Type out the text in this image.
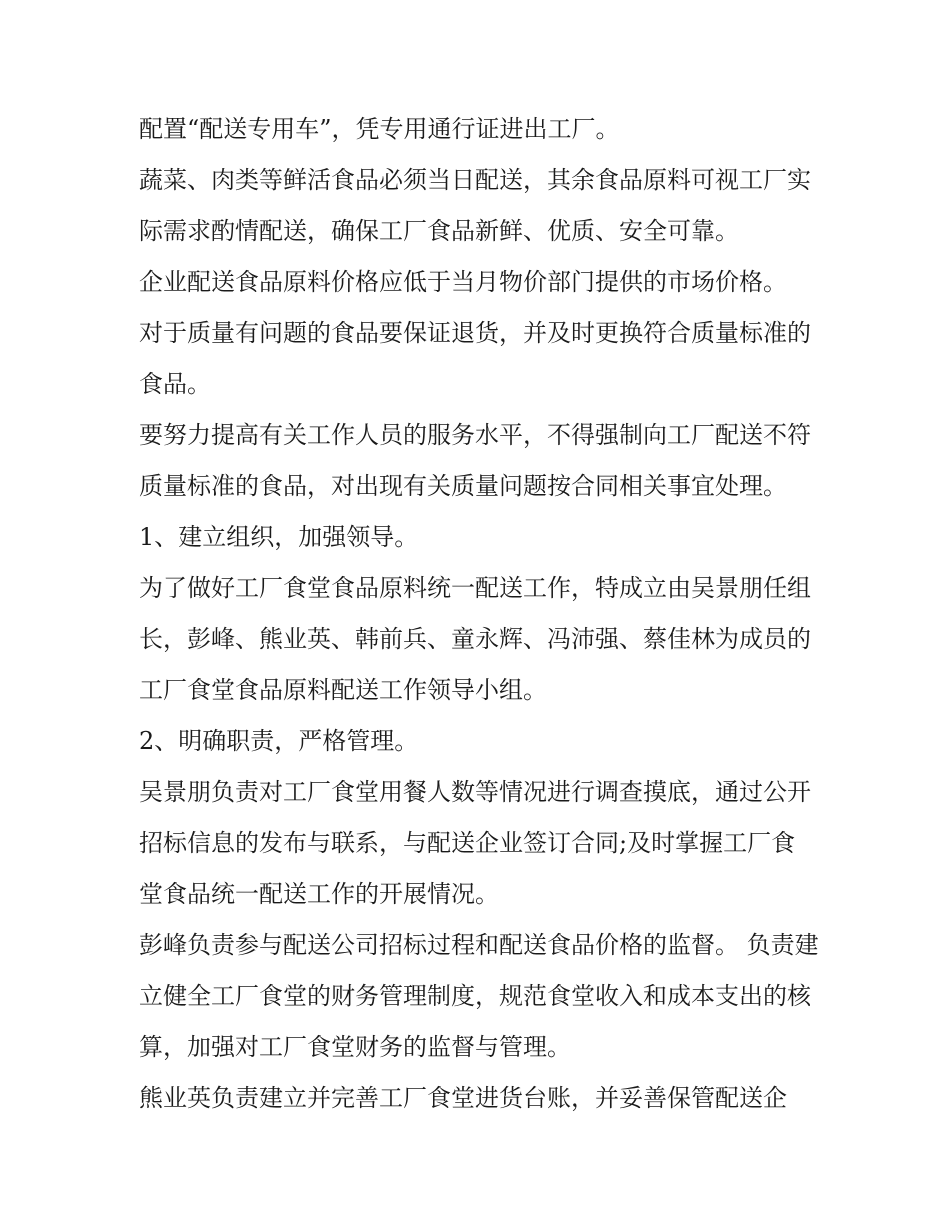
配置“配送专用车”，凭专用通行证进出工厂。

蔬菜、肉类等鲜活食品必须当日配送，其余食品原料可视工厂实际需求酌情配送，确保工厂食品新鲜、优质、安全可靠。

企业配送食品原料价格应低于当月物价部门提供的市场价格。

对于质量有问题的食品要保证退货，并及时更换符合质量标准的食品。

要努力提高有关工作人员的服务水平，不得强制向工厂配送不符质量标准的食品，对出现有关质量问题按合同相关事宜处理。 1、建立组织，加强领导。

为了做好工厂食堂食品原料统一配送工作，特成立由吴景朋任组长，彭峰、熊业英、韩前兵、童永辉、冯沛强、蔡佳林为成员的工厂食堂食品原料配送工作领导小组。

2、明确职责，严格管理。

吴景朋负责对工厂食堂用餐人数等情况进行调查摸底，通过公开招标信息的发布与联系，与配送企业签订合同;及时掌握工厂食堂食品统一配送工作的开展情况。

彭峰负责参与配送公司招标过程和配送食品价格的监督。 负责建立健全工厂食堂的财务管理制度，规范食堂收入和成本支出的核算，加强对工厂食堂财务的监督与管理。

熊业英负责建立并完善工厂食堂进货台账，并妥善保管配送企
